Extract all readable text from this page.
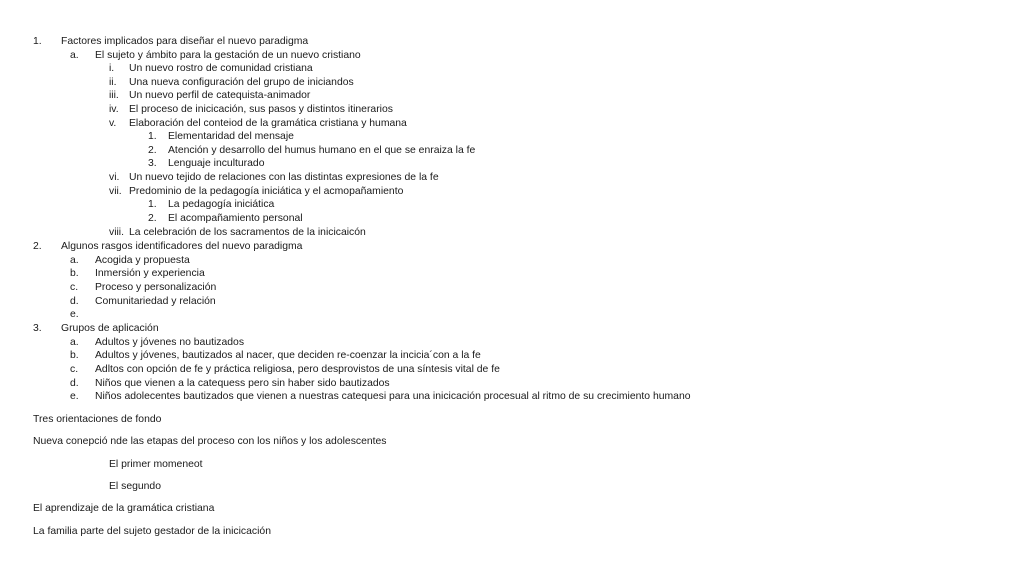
1. Factores implicados para diseñar el nuevo paradigma
a. El sujeto y ámbito para la gestación de un nuevo cristiano
i. Un nuevo rostro de comunidad cristiana
ii. Una nueva configuración del grupo de iniciandos
iii. Un nuevo perfil de catequista-animador
iv. El proceso de inicicación, sus pasos y distintos itinerarios
v. Elaboración del conteiod de la gramática cristiana y humana
1. Elementaridad del mensaje
2. Atención y desarrollo del humus humano en el que se enraiza la fe
3. Lenguaje inculturado
vi. Un nuevo tejido de relaciones con las distintas expresiones de la fe
vii. Predominio de la pedagogía iniciática y el acmopañamiento
1. La pedagogía iniciática
2. El acompañamiento personal
viii. La celebración de los sacramentos de la inicicaicón
2. Algunos rasgos identificadores del nuevo paradigma
a. Acogida y propuesta
b. Inmersión y experiencia
c. Proceso y personalización
d. Comunitariedad y relación
e.
3. Grupos de aplicación
a. Adultos y jóvenes no bautizados
b. Adultos y jóvenes, bautizados al nacer, que deciden re-coenzar la incicia´con a la fe
c. Adltos con opción de fe y práctica religiosa, pero desprovistos de una síntesis vital de fe
d. Niños que vienen a la catequess pero sin haber sido bautizados
e. Niños adolecentes bautizados que vienen a nuestras catequesi para una inicicación procesual al ritmo de su crecimiento humano
Tres orientaciones de fondo
Nueva conepció nde las etapas del proceso con los niños y los adolescentes
El primer momeneot
El segundo
El aprendizaje de la gramática cristiana
La familia parte del sujeto gestador de la inicicación
